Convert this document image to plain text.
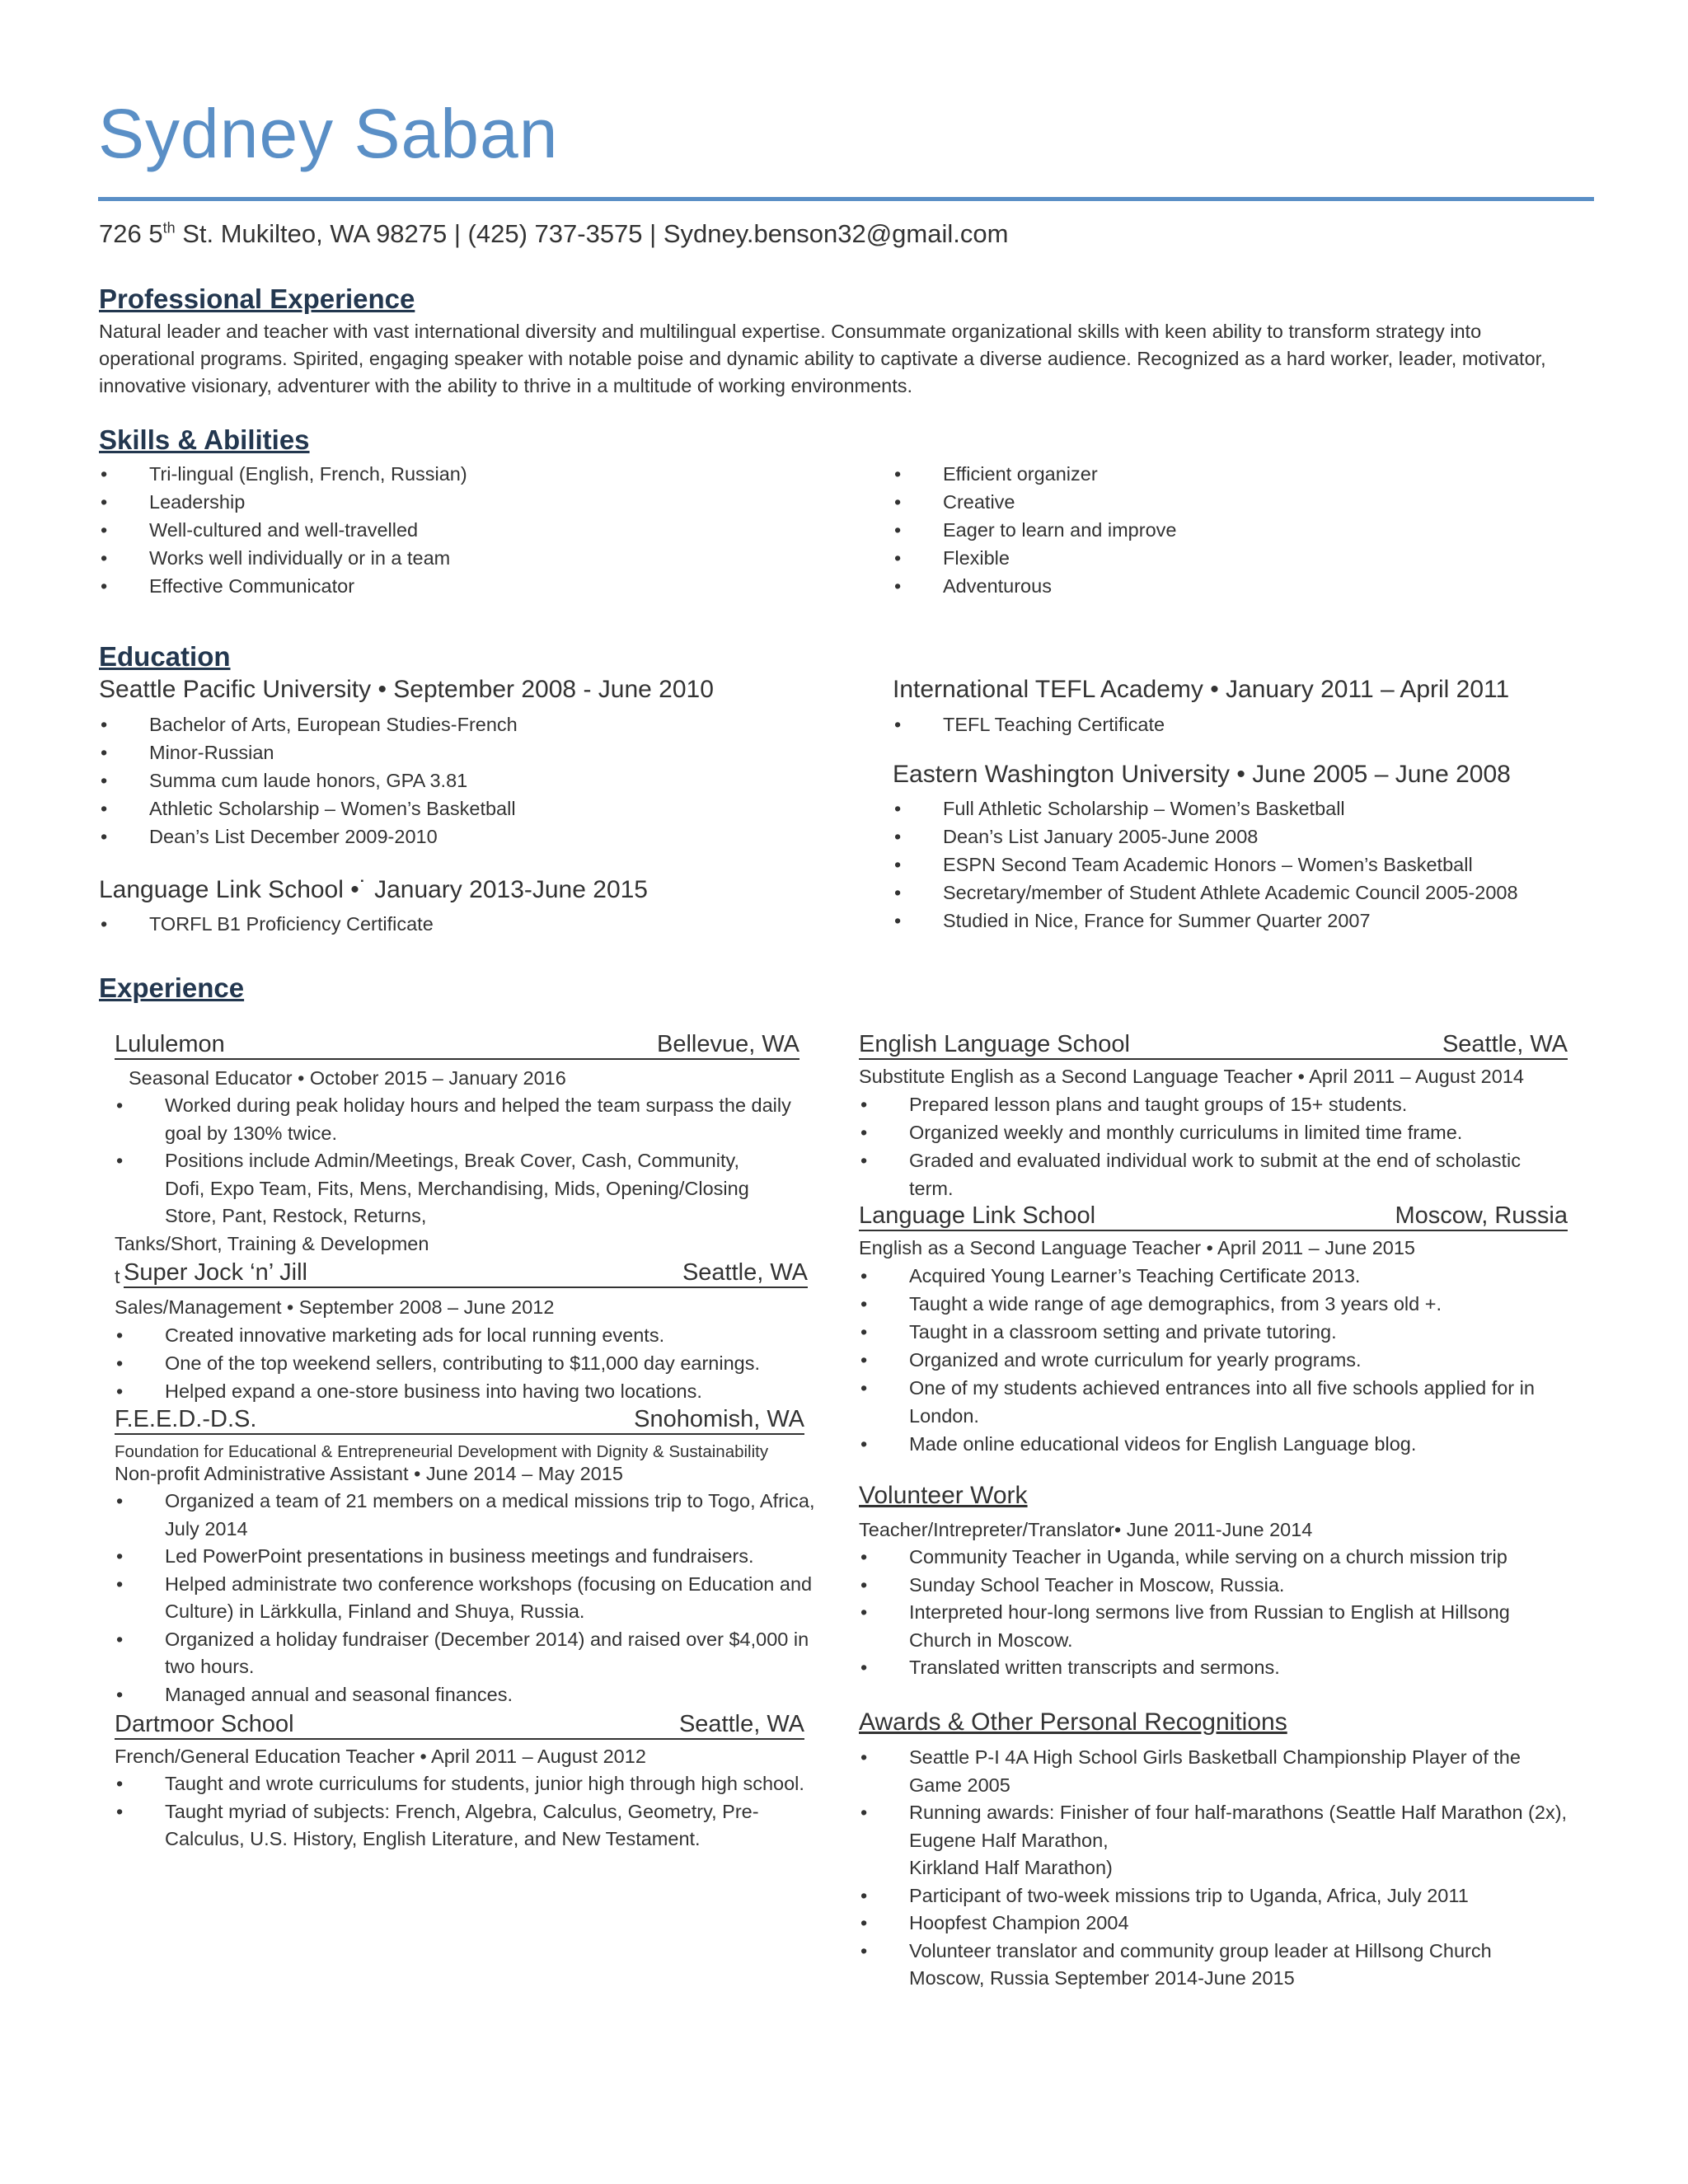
Sydney Saban
726 5th St. Mukilteo, WA 98275 | (425) 737-3575 | Sydney.benson32@gmail.com
Professional Experience
Natural leader and teacher with vast international diversity and multilingual expertise. Consummate organizational skills with keen ability to transform strategy into operational programs. Spirited, engaging speaker with notable poise and dynamic ability to captivate a diverse audience. Recognized as a hard worker, leader, motivator, innovative visionary, adventurer with the ability to thrive in a multitude of working environments.
Skills & Abilities
• Tri-lingual (English, French, Russian)
• Leadership
• Well-cultured and well-travelled
• Works well individually or in a team
• Effective Communicator
• Efficient organizer
• Creative
• Eager to learn and improve
• Flexible
• Adventurous
Education
Seattle Pacific University • September 2008 - June 2010
• Bachelor of Arts, European Studies-French
• Minor-Russian
• Summa cum laude honors, GPA 3.81
• Athletic Scholarship – Women’s Basketball
• Dean’s List December 2009-2010
Language Link School •˙ January 2013-June 2015
• TORFL B1 Proficiency Certificate
International TEFL Academy • January 2011 – April 2011
• TEFL Teaching Certificate
Eastern Washington University • June 2005 – June 2008
• Full Athletic Scholarship – Women’s Basketball
• Dean’s List January 2005-June 2008
• ESPN Second Team Academic Honors – Women’s Basketball
• Secretary/member of Student Athlete Academic Council 2005-2008
• Studied in Nice, France for Summer Quarter 2007
Experience
Lululemon	Bellevue, WA
Seasonal Educator • October 2015 – January 2016
• Worked during peak holiday hours and helped the team surpass the daily goal by 130% twice.
• Positions include Admin/Meetings, Break Cover, Cash, Community, Dofi, Expo Team, Fits, Mens, Merchandising, Mids, Opening/Closing Store, Pant, Restock, Returns,
Tanks/Short, Training & Developmen
t Super Jock ‘n’ Jill	Seattle, WA
Sales/Management • September 2008 – June 2012
• Created innovative marketing ads for local running events.
• One of the top weekend sellers, contributing to $11,000 day earnings.
• Helped expand a one-store business into having two locations.
F.E.E.D.-D.S.	Snohomish, WA
Foundation for Educational & Entrepreneurial Development with Dignity & Sustainability
Non-profit Administrative Assistant • June 2014 – May 2015
• Organized a team of 21 members on a medical missions trip to Togo, Africa, July 2014
• Led PowerPoint presentations in business meetings and fundraisers.
• Helped administrate two conference workshops (focusing on Education and Culture) in Lärkkulla, Finland and Shuya, Russia.
• Organized a holiday fundraiser (December 2014) and raised over $4,000 in two hours.
• Managed annual and seasonal finances.
Dartmoor School	Seattle, WA
French/General Education Teacher • April 2011 – August 2012
• Taught and wrote curriculums for students, junior high through high school.
• Taught myriad of subjects: French, Algebra, Calculus, Geometry, Pre-Calculus, U.S. History, English Literature, and New Testament.
English Language School	Seattle, WA
Substitute English as a Second Language Teacher • April 2011 – August 2014
• Prepared lesson plans and taught groups of 15+ students.
• Organized weekly and monthly curriculums in limited time frame.
• Graded and evaluated individual work to submit at the end of scholastic term.
Language Link School	Moscow, Russia
English as a Second Language Teacher • April 2011 – June 2015
• Acquired Young Learner’s Teaching Certificate 2013.
• Taught a wide range of age demographics, from 3 years old +.
• Taught in a classroom setting and private tutoring.
• Organized and wrote curriculum for yearly programs.
• One of my students achieved entrances into all five schools applied for in London.
• Made online educational videos for English Language blog.
Volunteer Work
Teacher/Intrepreter/Translator• June 2011-June 2014
• Community Teacher in Uganda, while serving on a church mission trip
• Sunday School Teacher in Moscow, Russia.
• Interpreted hour-long sermons live from Russian to English at Hillsong Church in Moscow.
• Translated written transcripts and sermons.
Awards & Other Personal Recognitions
• Seattle P-I 4A High School Girls Basketball Championship Player of the Game 2005
• Running awards: Finisher of four half-marathons (Seattle Half Marathon (2x), Eugene Half Marathon,
Kirkland Half Marathon)
• Participant of two-week missions trip to Uganda, Africa, July 2011
• Hoopfest Champion 2004
• Volunteer translator and community group leader at Hillsong Church Moscow, Russia September 2014-June 2015
